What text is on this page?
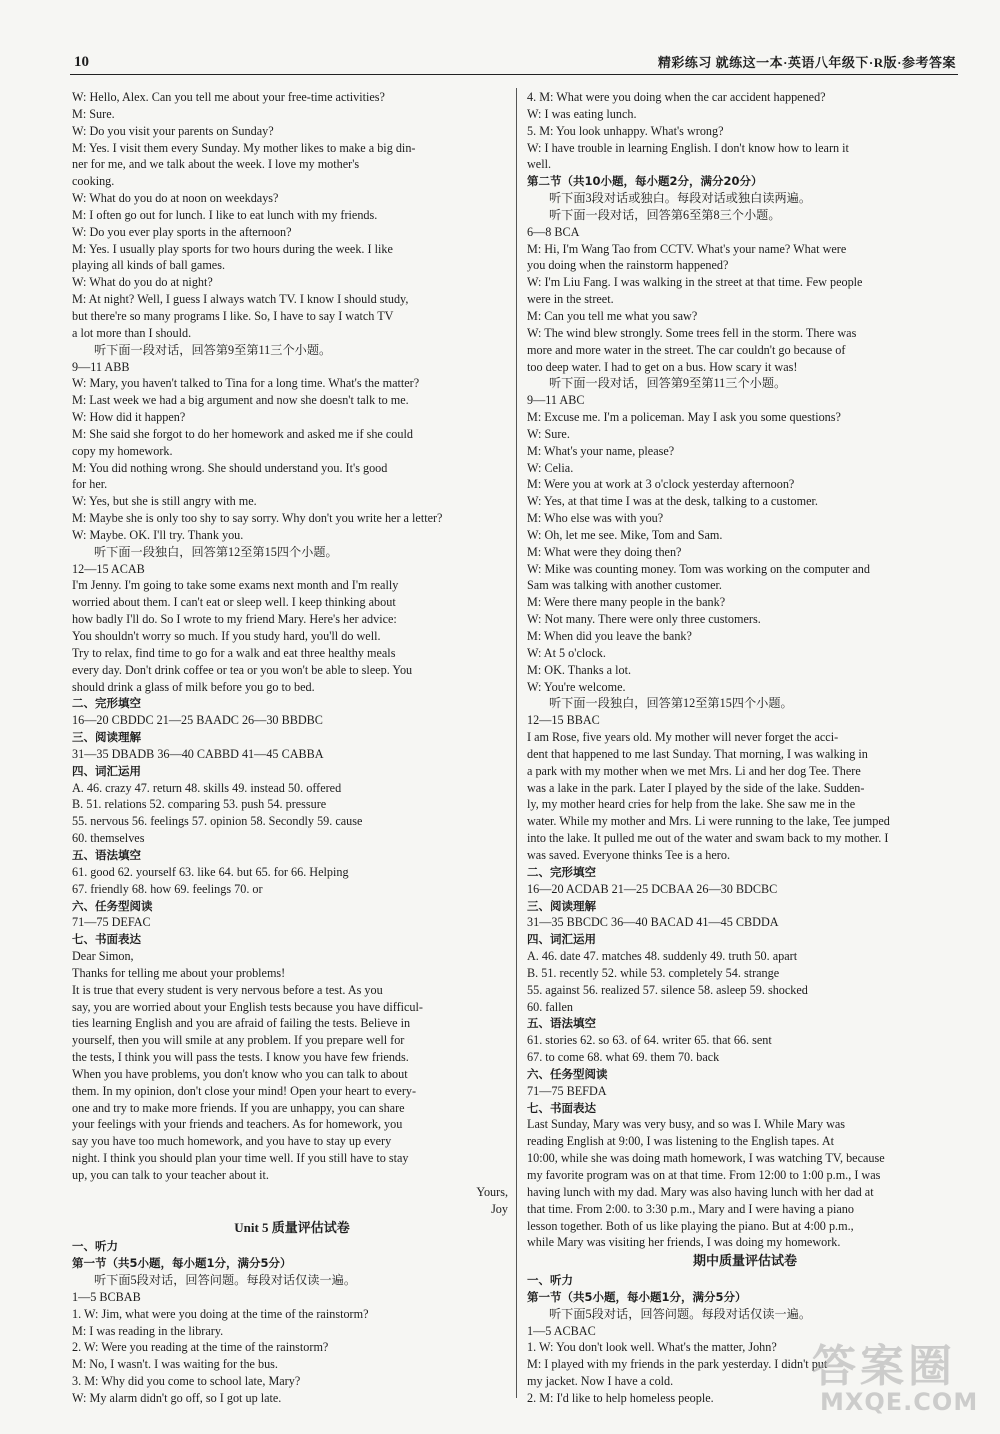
10	精彩练习 就练这一本·英语八年级下·R版·参考答案
W: Hello, Alex. Can you tell me about your free-time activities?
M: Sure.
W: Do you visit your parents on Sunday?
M: Yes. I visit them every Sunday. My mother likes to make a big din-
ner for me, and we talk about the week. I love my mother's
cooking.
W: What do you do at noon on weekdays?
M: I often go out for lunch. I like to eat lunch with my friends.
W: Do you ever play sports in the afternoon?
M: Yes. I usually play sports for two hours during the week. I like
playing all kinds of ball games.
W: What do you do at night?
M: At night? Well, I guess I always watch TV. I know I should study,
but there're so many programs I like. So, I have to say I watch TV
a lot more than I should.
听下面一段对话，回答第9至第11三个小题。
9—11 ABB
W: Mary, you haven't talked to Tina for a long time. What's the matter?
M: Last week we had a big argument and now she doesn't talk to me.
W: How did it happen?
M: She said she forgot to do her homework and asked me if she could
copy my homework.
M: You did nothing wrong. She should understand you. It's good
for her.
W: Yes, but she is still angry with me.
M: Maybe she is only too shy to say sorry. Why don't you write her a letter?
W: Maybe. OK. I'll try. Thank you.
听下面一段独白，回答第12至第15四个小题。
12—15 ACAB
I'm Jenny. I'm going to take some exams next month and I'm really
worried about them. I can't eat or sleep well. I keep thinking about
how badly I'll do. So I wrote to my friend Mary. Here's her advice:
You shouldn't worry so much. If you study hard, you'll do well.
Try to relax, find time to go for a walk and eat three healthy meals
every day. Don't drink coffee or tea or you won't be able to sleep. You
should drink a glass of milk before you go to bed.
二、完形填空
16—20 CBDDC 21—25 BAADC 26—30 BBDBC
三、阅读理解
31—35 DBADB 36—40 CABBD 41—45 CABBA
四、词汇运用
A. 46. crazy 47. return 48. skills 49. instead 50. offered
B. 51. relations 52. comparing 53. push 54. pressure
55. nervous 56. feelings 57. opinion 58. Secondly 59. cause
60. themselves
五、语法填空
61. good 62. yourself 63. like 64. but 65. for 66. Helping
67. friendly 68. how 69. feelings 70. or
六、任务型阅读
71—75 DEFAC
七、书面表达
Dear Simon,
Thanks for telling me about your problems!
It is true that every student is very nervous before a test. As you
say, you are worried about your English tests because you have difficul-
ties learning English and you are afraid of failing the tests. Believe in
yourself, then you will smile at any problem. If you prepare well for
the tests, I think you will pass the tests. I know you have few friends.
When you have problems, you don't know who you can talk to about
them. In my opinion, don't close your mind! Open your heart to every-
one and try to make more friends. If you are unhappy, you can share
your feelings with your friends and teachers. As for homework, you
say you have too much homework, and you have to stay up every
night. I think you should plan your time well. If you still have to stay
up, you can talk to your teacher about it.
Yours,
Joy
Unit 5 质量评估试卷
一、听力
第一节（共5小题，每小题1分，满分5分）
听下面5段对话，回答问题。每段对话仅读一遍。
1—5 BCBAB
1. W: Jim, what were you doing at the time of the rainstorm?
M: I was reading in the library.
2. W: Were you reading at the time of the rainstorm?
M: No, I wasn't. I was waiting for the bus.
3. M: Why did you come to school late, Mary?
W: My alarm didn't go off, so I got up late.
4. M: What were you doing when the car accident happened?
W: I was eating lunch.
5. M: You look unhappy. What's wrong?
W: I have trouble in learning English. I don't know how to learn it
well.
第二节（共10小题，每小题2分，满分20分）
听下面3段对话或独白。每段对话或独白读两遍。
听下面一段对话，回答第6至第8三个小题。
6—8 BCA
M: Hi, I'm Wang Tao from CCTV. What's your name? What were
you doing when the rainstorm happened?
W: I'm Liu Fang. I was walking in the street at that time. Few people
were in the street.
M: Can you tell me what you saw?
W: The wind blew strongly. Some trees fell in the storm. There was
more and more water in the street. The car couldn't go because of
too deep water. I had to get on a bus. How scary it was!
听下面一段对话，回答第9至第11三个小题。
9—11 ABC
M: Excuse me. I'm a policeman. May I ask you some questions?
W: Sure.
M: What's your name, please?
W: Celia.
M: Were you at work at 3 o'clock yesterday afternoon?
W: Yes, at that time I was at the desk, talking to a customer.
M: Who else was with you?
W: Oh, let me see. Mike, Tom and Sam.
M: What were they doing then?
W: Mike was counting money. Tom was working on the computer and
Sam was talking with another customer.
M: Were there many people in the bank?
W: Not many. There were only three customers.
M: When did you leave the bank?
W: At 5 o'clock.
M: OK. Thanks a lot.
W: You're welcome.
听下面一段独白，回答第12至第15四个小题。
12—15 BBAC
I am Rose, five years old. My mother will never forget the acci-
dent that happened to me last Sunday. That morning, I was walking in
a park with my mother when we met Mrs. Li and her dog Tee. There
was a lake in the park. Later I played by the side of the lake. Sudden-
ly, my mother heard cries for help from the lake. She saw me in the
water. While my mother and Mrs. Li were running to the lake, Tee jumped
into the lake. It pulled me out of the water and swam back to my mother. I
was saved. Everyone thinks Tee is a hero.
二、完形填空
16—20 ACDAB 21—25 DCBAA 26—30 BDCBC
三、阅读理解
31—35 BBCDC 36—40 BACAD 41—45 CBDDA
四、词汇运用
A. 46. date 47. matches 48. suddenly 49. truth 50. apart
B. 51. recently 52. while 53. completely 54. strange
55. against 56. realized 57. silence 58. asleep 59. shocked
60. fallen
五、语法填空
61. stories 62. so 63. of 64. writer 65. that 66. sent
67. to come 68. what 69. them 70. back
六、任务型阅读
71—75 BEFDA
七、书面表达
Last Sunday, Mary was very busy, and so was I. While Mary was
reading English at 9:00, I was listening to the English tapes. At
10:00, while she was doing math homework, I was watching TV, because
my favorite program was on at that time. From 12:00 to 1:00 p.m., I was
having lunch with my dad. Mary was also having lunch with her dad at
that time. From 2:00. to 3:30 p.m., Mary and I were having a piano
lesson together. Both of us like playing the piano. But at 4:00 p.m.,
while Mary was visiting her friends, I was doing my homework.
期中质量评估试卷
一、听力
第一节（共5小题，每小题1分，满分5分）
听下面5段对话，回答问题。每段对话仅读一遍。
1—5 ACBAC
1. W: You don't look well. What's the matter, John?
M: I played with my friends in the park yesterday. I didn't put
my jacket. Now I have a cold.
2. M: I'd like to help homeless people.
答案圈
MXQE.COM
